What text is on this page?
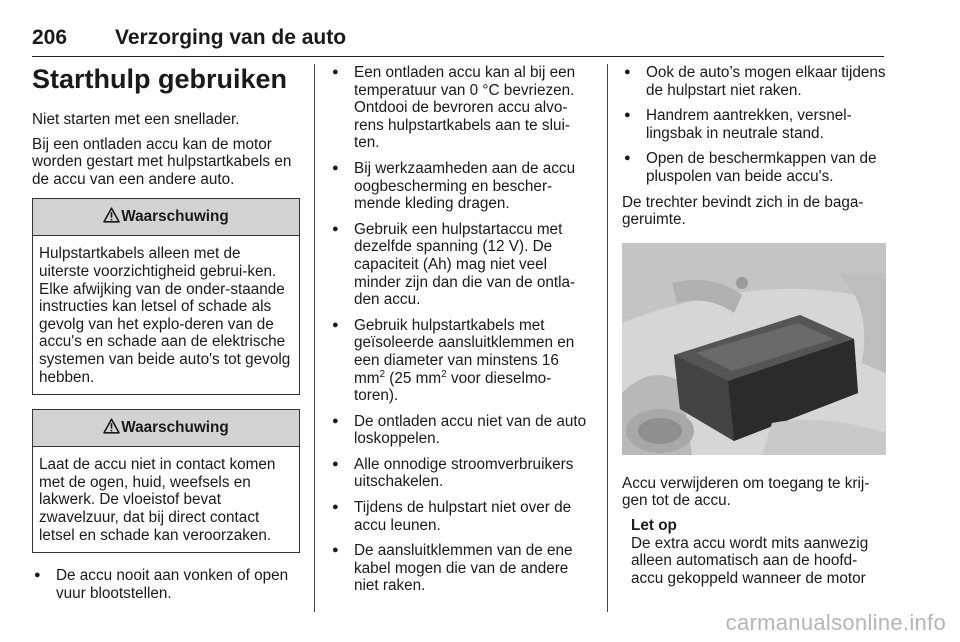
206 Verzorging van de auto
Starthulp gebruiken

Niet starten met een snellader.

Bij een ontladen accu kan de motor worden gestart met hulpstartkabels en de accu van een andere auto.

Waarschuwing
Hulpstartkabels alleen met de uiterste voorzichtigheid gebrui-ken. Elke afwijking van de onder-staande instructies kan letsel of schade als gevolg van het explo-deren van de accu's en schade aan de elektrische systemen van beide auto's tot gevolg hebben.
Waarschuwing
Laat de accu niet in contact komen met de ogen, huid, weefsels en lakwerk. De vloeistof bevat zwavelzuur, dat bij direct contact letsel en schade kan veroorzaken.
● De accu nooit aan vonken of open vuur blootstellen.
● Een ontladen accu kan al bij een temperatuur van 0 °C bevriezen. Ontdooi de bevroren accu alvo-rens hulpstartkabels aan te slui-ten.
● Bij werkzaamheden aan de accu oogbescherming en bescher-mende kleding dragen.
● Gebruik een hulpstartaccu met dezelfde spanning (12 V). De capaciteit (Ah) mag niet veel minder zijn dan die van de ontla-den accu.
● Gebruik hulpstartkabels met geïsoleerde aansluitklemmen en een diameter van minstens 16 $mm^2$ (25 $mm^2$ voor dieselmo-toren).
● De ontladen accu niet van de auto loskoppelen.
● Alle onnodige stroomverbruikers uitschakelen.
● Tijdens de hulpstart niet over de accu leunen.
● De aansluitklemmen van de ene kabel mogen die van de andere niet raken.
● Ook de auto’s mogen elkaar tijdens de hulpstart niet raken.
● Handrem aantrekken, versnel-lingsbak in neutrale stand.
● Open de beschermkappen van de pluspolen van beide accu's.

De trechter bevindt zich in de baga-geruimte.

Accu verwijderen om toegang te krij-gen tot de accu.

Let op
De extra accu wordt mits aanwezig alleen automatisch aan de hoofd-accu gekoppeld wanneer de motor
carmanualsonline.info
